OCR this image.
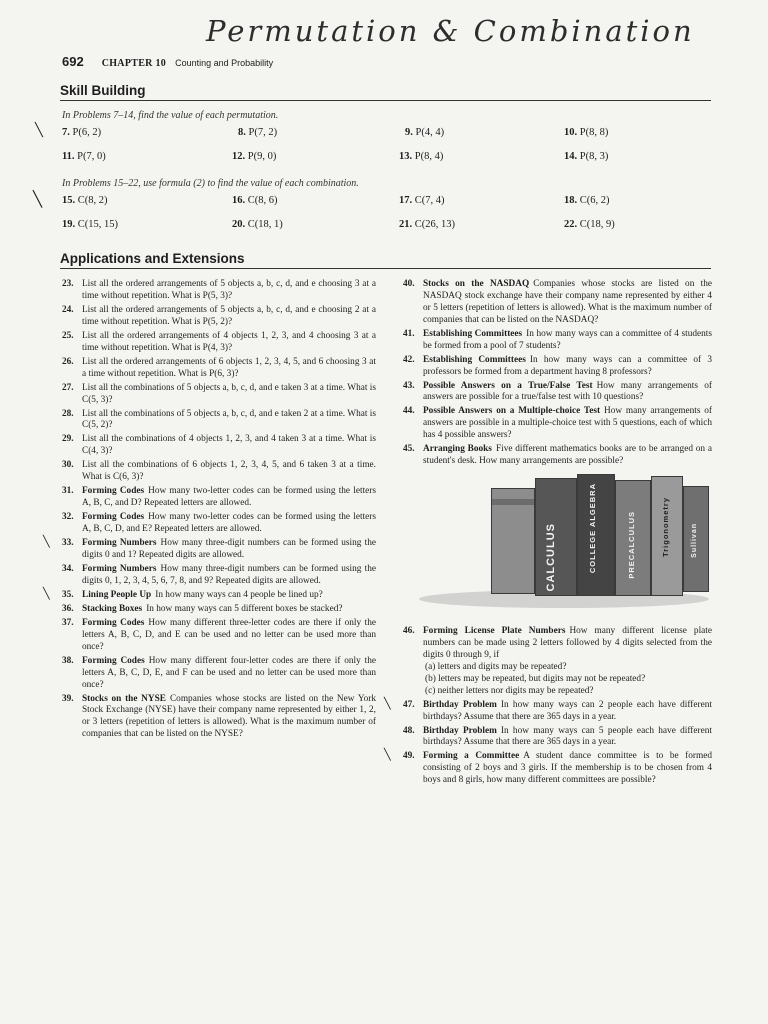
Permutation & Combination
692 CHAPTER 10 Counting and Probability
Skill Building
In Problems 7–14, find the value of each permutation.
╲ 7. P(6, 2)	8. P(7, 2)	9. P(4, 4)	10. P(8, 8)
11. P(7, 0)	12. P(9, 0)	13. P(8, 4)	14. P(8, 3)
In Problems 15–22, use formula (2) to find the value of each combination.
╲ 15. C(8, 2)	16. C(8, 6)	17. C(7, 4)	18. C(6, 2)
19. C(15, 15)	20. C(18, 1)	21. C(26, 13)	22. C(18, 9)
Applications and Extensions
23. List all the ordered arrangements of 5 objects a, b, c, d, and e choosing 3 at a time without repetition. What is P(5, 3)?
24. List all the ordered arrangements of 5 objects a, b, c, d, and e choosing 2 at a time without repetition. What is P(5, 2)?
25. List all the ordered arrangements of 4 objects 1, 2, 3, and 4 choosing 3 at a time without repetition. What is P(4, 3)?
26. List all the ordered arrangements of 6 objects 1, 2, 3, 4, 5, and 6 choosing 3 at a time without repetition. What is P(6, 3)?
27. List all the combinations of 5 objects a, b, c, d, and e taken 3 at a time. What is C(5, 3)?
28. List all the combinations of 5 objects a, b, c, d, and e taken 2 at a time. What is C(5, 2)?
29. List all the combinations of 4 objects 1, 2, 3, and 4 taken 3 at a time. What is C(4, 3)?
30. List all the combinations of 6 objects 1, 2, 3, 4, 5, and 6 taken 3 at a time. What is C(6, 3)?
31. Forming Codes How many two-letter codes can be formed using the letters A, B, C, and D? Repeated letters are allowed.
32. Forming Codes How many two-letter codes can be formed using the letters A, B, C, D, and E? Repeated letters are allowed.
╲ 33. Forming Numbers How many three-digit numbers can be formed using the digits 0 and 1? Repeated digits are allowed.
34. Forming Numbers How many three-digit numbers can be formed using the digits 0, 1, 2, 3, 4, 5, 6, 7, 8, and 9? Repeated digits are allowed.
╲ 35. Lining People Up In how many ways can 4 people be lined up?
36. Stacking Boxes In how many ways can 5 different boxes be stacked?
37. Forming Codes How many different three-letter codes are there if only the letters A, B, C, D, and E can be used and no letter can be used more than once?
38. Forming Codes How many different four-letter codes are there if only the letters A, B, C, D, E, and F can be used and no letter can be used more than once?
39. Stocks on the NYSE Companies whose stocks are listed on the New York Stock Exchange (NYSE) have their company name represented by either 1, 2, or 3 letters (repetition of letters is allowed). What is the maximum number of companies that can be listed on the NYSE?
40. Stocks on the NASDAQ Companies whose stocks are listed on the NASDAQ stock exchange have their company name represented by either 4 or 5 letters (repetition of letters is allowed). What is the maximum number of companies that can be listed on the NASDAQ?
41. Establishing Committees In how many ways can a committee of 4 students be formed from a pool of 7 students?
42. Establishing Committees In how many ways can a committee of 3 professors be formed from a department having 8 professors?
43. Possible Answers on a True/False Test How many arrangements of answers are possible for a true/false test with 10 questions?
44. Possible Answers on a Multiple-choice Test How many arrangements of answers are possible in a multiple-choice test with 5 questions, each of which has 4 possible answers?
45. Arranging Books Five different mathematics books are to be arranged on a student's desk. How many arrangements are possible?
CALCULUS	COLLEGE ALGEBRA	PRECALCULUS	Trigonometry	Sullivan
46. Forming License Plate Numbers How many different license plate numbers can be made using 2 letters followed by 4 digits selected from the digits 0 through 9, if
(a) letters and digits may be repeated?
(b) letters may be repeated, but digits may not be repeated?
(c) neither letters nor digits may be repeated?
╲ 47. Birthday Problem In how many ways can 2 people each have different birthdays? Assume that there are 365 days in a year.
48. Birthday Problem In how many ways can 5 people each have different birthdays? Assume that there are 365 days in a year.
╲ 49. Forming a Committee A student dance committee is to be formed consisting of 2 boys and 3 girls. If the membership is to be chosen from 4 boys and 8 girls, how many different committees are possible?
